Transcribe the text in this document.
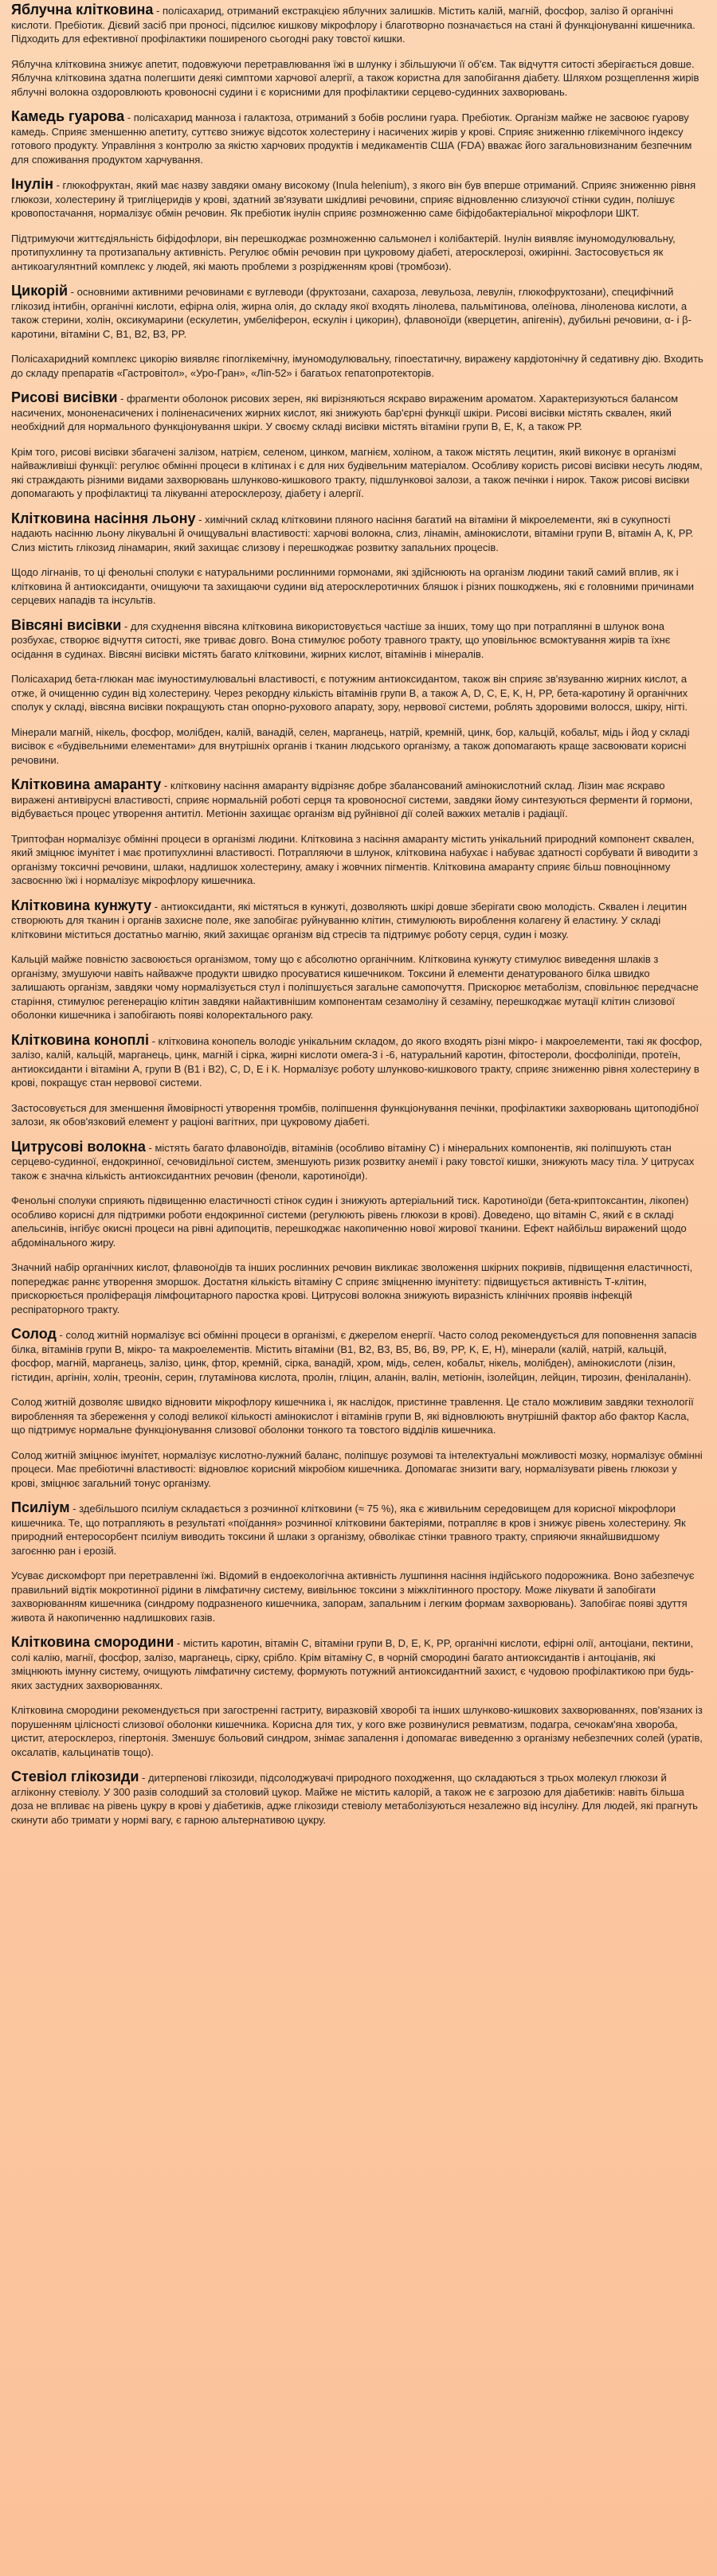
Яблучна клітковина - полісахарид, отриманий екстракцією яблучних залишків. Містить калій, магній, фосфор, залізо й органічні кислоти. Пребіотик. Дієвий засіб при проносі, підсилює кишкову мікрофлору і благотворно позначається на стані й функціонуванні кишечника. Підходить для ефективної профілактики поширеного сьогодні раку товстої кишки.

Яблучна клітковина знижує апетит, подовжуючи перетравлювання їжі в шлунку і збільшуючи її об'єм. Так відчуття ситості зберігається довше. Яблучна клітковина здатна полегшити деякі симптоми харчової алергії, а також користна для запобігання діабету. Шляхом розщеплення жирів яблучні волокна оздоровлюють кровоносні судини і є корисними для профілактики серцево-судинних захворювань.

Камедь гуарова - полісахарид манноза і галактоза, отриманий з бобів рослини гуара. Пребіотик. Організм майже не засвоює гуарову камедь. Сприяє зменшенню апетиту, суттєво знижує відсоток холестерину і насичених жирів у крові. Сприяє зниженню глікемічного індексу готового продукту. Управління з контролю за якістю харчових продуктів і медикаментів США (FDA) вважає його загальновизнаним безпечним для споживання продуктом харчування.

Інулін - глюкофруктан, який має назву завдяки оману високому (Inula helenium), з якого він був вперше отриманий. Сприяє зниженню рівня глюкози, холестерину й тригліцеридів у крові, здатний зв'язувати шкідливі речовини, сприяє відновленню слизуючої стінки судин, полішує кровопостачання, нормалізує обмін речовин. Як пребіотик інулін сприяє розмноженню саме біфідобактеріальної мікрофлори ШКТ.

Підтримуючи життєдіяльність біфідофлори, він перешкоджає розмноженню сальмонел і колібактерій. Інулін виявляє імуномодулювальну, протипухлинну та протизапальну активність. Регулює обмін речовин при цукровому діабеті, атеросклерозі, ожирінні. Застосовується як антикоагулянтний комплекс у людей, які мають проблеми з розрідженням крові (тромбози).

Цикорій - основними активними речовинами є вуглеводи (фруктозани, сахароза, левульоза, левулін, глюкофруктозани), специфічний глікозид інтибін, органічні кислоти, ефірна олія, жирна олія, до складу якої входять лінолева, пальмітинова, олеїнова, ліноленова кислоти, а також стерини, холін, оксикумарини (ескулетин, умбеліферон, ескулін і цикорин), флавоноїди (кверцетин, апігенін), дубильні речовини, α- і β-каротини, вітаміни С, В1, В2, В3, PP.

Полісахаридний комплекс цикорію виявляє гіпоглікемічну, імуномодулювальну, гіпоестатичну, виражену кардіотонічну й седативну дію. Входить до складу препаратів «Гастровітол», «Уро-Гран», «Ліп-52» і багатьох гепатопротекторів.

Рисові висівки - фрагменти оболонок рисових зерен, які вирізняються яскраво вираженим ароматом. Характеризуються балансом насичених, мононенасичених і поліненасичених жирних кислот, які знижують бар'єрні функції шкіри. Рисові висівки містять сквален, який необхідний для нормального функціонування шкіри. У своєму складі висівки містять вітаміни групи В, Е, К, а також РР.

Крім того, рисові висівки збагачені залізом, натрієм, селеном, цинком, магнієм, холіном, а також містять лецитин, який виконує в організмі найважливіші функції: регулює обмінні процеси в клітинах і є для них будівельним матеріалом. Особливу користь рисові висівки несуть людям, які страждають різними видами захворювань шлунково-кишкового тракту, підшлунковоі залози, а також печінки і нирок. Також рисові висівки допомагають у профілактиці та лікуванні атеросклерозу, діабету і алергії.

Клітковина насіння льону - химічний склад клітковини пляного насіння багатий на вітаміни й мікроелементи, які в сукупності надають насінню льону лікувальні й очищувальні властивості: харчові волокна, слиз, лінамін, амінокислоти, вітаміни групи В, вітамін А, К, РР. Слиз містить глікозид лінамарин, який захищає слизову і перешкоджає розвитку запальних процесів.

Щодо лігнанів, то ці фенольні сполуки є натуральними рослинними гормонами, які здійснюють на організм людини такий самий вплив, як і клітковина й антиоксиданти, очищуючи та захищаючи судини від атеросклеротичних бляшок і різних пошкоджень, які є головними причинами серцевих нападів та інсультів.

Вівсяні висівки - для схуднення вівсяна клітковина використовується частіше за інших, тому що при потраплянні в шлунок вона розбухає, створює відчуття ситості, яке триває довго. Вона стимулює роботу травного тракту, що уповільнює всмоктування жирів та їхнє осідання в судинах. Вівсяні висівки містять багато клітковини, жирних кислот, вітамінів і мінералів.

Полісахарид бета-глюкан має імуностимулювальні властивості, є потужним антиоксидантом, також він сприяє зв'язуванню жирних кислот, а отже, й очищенню судин від холестерину. Через рекордну кількість вітамінів групи В, а також А, D, C, E, K, H, PP, бета-каротину й органічних сполук у складі, вівсяна висівки покращують стан опорно-рухового апарату, зору, нервової системи, роблять здоровими волосся, шкіру, нігті.

Мінерали магній, нікель, фосфор, молібден, калій, ванадій, селен, марганець, натрій, кремній, цинк, бор, кальцій, кобальт, мідь і йод у складі висівок є «будівельними елементами» для внутрішніх органів і тканин людського організму, а також допомагають краще засвоювати корисні речовини.

Клітковина амаранту - клітковину насіння амаранту відрізняє добре збалансований амінокислотний склад. Лізин має яскраво виражені антивірусні властивості, сприяє нормальній роботі серця та кровоносної системи, завдяки йому синтезуються ферменти й гормони, відбувається процес утворення антитіл. Метіонін захищає організм від руйнівної дії солей важких металів і радіації.

Триптофан нормалізує обмінні процеси в організмі людини. Клітковина з насіння амаранту містить унікальний природний компонент сквален, який зміцнює імунітет і має протипухлинні властивості. Потрапляючи в шлунок, клітковина набухає і набуває здатності сорбувати й виводити з організму токсичні речовини, шлаки, надлишок холестерину, амаку і жовчних пігментів. Клітковина амаранту сприяє більш повноцінному засвоєнню їжі і нормалізує мікрофлору кишечника.

Клітковина кунжуту - антиоксиданти, які містяться в кунжуті, дозволяють шкірі довше зберігати свою молодість. Сквален і лецитин створюють для тканин і органів захисне поле, яке запобігає руйнуванню клітин, стимулюють вироблення колагену й еластину. У складі клітковини міститься достатньо магнію, який захищає організм від стресів та підтримує роботу серця, судин і мозку.

Кальцій майже повністю засвоюється організмом, тому що є абсолютно органічним. Клітковина кунжуту стимулює виведення шлаків з організму, змушуючи навіть найважче продукти швидко просуватися кишечником. Токсини й елементи денатурованого білка швидко залишають організм, завдяки чому нормалізується стул і поліпшується загальне самопочуття. Прискорює метаболізм, сповільнює передчасне старіння, стимулює регенерацію клітин завдяки найактивнішим компонентам сезамоліну й сезаміну, перешкоджає мутації клітин слизової оболонки кишечника і запобігають появі колоректального раку.

Клітковина коноплі - клітковина конопель володіє унікальним складом, до якого входять різні мікро- і макроелементи, такі як фосфор, залізо, калій, кальцій, марганець, цинк, магній і сірка, жирні кислоти омега-3 і -6, натуральний каротин, фітостероли, фосфоліпіди, протеїн, антиоксиданти і вітаміни А, групи В (В1 і В2), С, D, Е і К. Нормалізує роботу шлунково-кишкового тракту, сприяє зниженню рівня холестерину в крові, покращує стан нервової системи.

Застосовується для зменшення ймовірності утворення тромбів, поліпшення функціонування печінки, профілактики захворювань щитоподібної залози, як обов'язковий елемент у раціоні вагітних, при цукровому діабеті.

Цитрусові волокна - містять багато флавоноїдів, вітамінів (особливо вітаміну С) і мінеральних компонентів, які поліпшують стан серцево-судинної, ендокринної, сечовидільної систем, зменшують ризик розвитку анемії і раку товстої кишки, знижують масу тіла. У цитрусах також є значна кількість антиоксидантних речовин (феноли, каротиноїди).

Фенольні сполуки сприяють підвищенню еластичності стінок судин і знижують артеріальний тиск. Каротиноїди (бета-криптоксантин, лікопен) особливо корисні для підтримки роботи ендокринної системи (регулюють рівень глюкози в крові). Доведено, що вітамін С, який є в складі апельсинів, інгібує окисні процеси на рівні адипоцитів, перешкоджає накопиченню нової жирової тканини. Ефект найбільш виражений щодо абдомінального жиру.

Значний набір органічних кислот, флавоноїдів та інших рослинних речовин викликає зволоження шкірних покривів, підвищення еластичності, попереджає раннє утворення зморшок. Достатня кількість вітаміну С сприяє зміцненню імунітету: підвищується активність Т-клітин, прискорюється проліферація лімфоцитарного паростка крові. Цитрусові волокна знижують виразність клінічних проявів інфекцій респіраторного тракту.

Солод - солод житній нормалізує всі обмінні процеси в організмі, є джерелом енергії. Часто солод рекомендується для поповнення запасів білка, вітамінів групи В, мікро- та макроелементів. Містить вітаміни (В1, В2, В3, В5, В6, В9, PP, K, E, H), мінерали (калій, натрій, кальцій, фосфор, магній, марганець, залізо, цинк, фтор, кремній, сірка, ванадій, хром, мідь, селен, кобальт, нікель, молібден), амінокислоти (лізин, гістидин, аргінін, холін, треонін, серин, глутамінова кислота, пролін, гліцин, аланін, валін, метіонін, ізолейцин, лейцин, тирозин, фенілаланін).

Солод житній дозволяє швидко відновити мікрофлору кишечника і, як наслідок, пристинне травлення. Це стало можливим завдяки технології виробленняя та збереження у солоді великої кількості амінокислот і вітамінів групи В, які відновлюють внутрішній фактор або фактор Касла, що підтримує нормальне функціонування слизової оболонки тонкого та товстого відділів кишечника.

Солод житній зміцнює імунітет, нормалізує кислотно-лужний баланс, поліпшує розумові та інтелектуальні можливості мозку, нормалізує обмінні процеси. Має пребіотичні властивості: відновлює корисний мікробіом кишечника. Допомагає знизити вагу, нормалізувати рівень глюкози у крові, зміцнює загальний тонус організму.

Псиліум - здебільшого псиліум складається з розчинної клітковини (≈ 75 %), яка є живильним середовищем для корисної мікрофлори кишечника. Те, що потрапляють в результаті «поїдання» розчинної клітковини бактеріями, потрапляє в кров і знижує рівень холестерину. Як природний ентеросорбент псиліум виводить токсини й шлаки з організму, обволікає стінки травного тракту, сприяючи якнайшвидшому загоєнню ран і ерозій.

Усуває дискомфорт при перетравленні їжі. Відомий в ендоекологічна активність лушпиння насіння індійського подорожника. Воно забезпечує правильний відтік мокротинної рідини в лімфатичну систему, вивільнює токсини з міжклітинного простору. Може лікувати й запобігати захворюванням кишечника (синдрому подразненого кишечника, запорам, запальним і легким формам захворювань). Запобігає появі здуття живота й накопиченню надлишкових газів.

Клітковина смородини - містить каротин, вітамін С, вітаміни групи В, D, E, K, PP, органічні кислоти, ефірні олії, антоціани, пектини, солі калію, магнії, фосфор, залізо, марганець, сірку, срібло. Крім вітаміну С, в чорній смородині багато антиоксидантів і антоціанів, які зміцнюють імунну систему, очищують лімфатичну систему, формують потужний антиоксидантний захист, є чудовою профілактикою при будь-яких застудних захворюваннях.

Клітковина смородини рекомендується при загостренні гастриту, виразковій хворобі та інших шлунково-кишкових захворюваннях, пов'язаних із порушенням цілісності слизової оболонки кишечника. Корисна для тих, у кого вже розвинулися ревматизм, подагра, сечокам'яна хвороба, цистит, атеросклероз, гіпертонія. Зменшує больовий синдром, знімає запалення і допомагає виведенню з організму небезпечних солей (уратів, оксалатів, кальцинатів тощо).

Стевіол глікозиди - дитерпенові глікозиди, підсолоджувачі природного походження, що складаються з трьох молекул глюкози й агліконну стевіолу. У 300 разів солодший за столовий цукор. Майже не містить калорій, а також не є загрозою для діабетиків: навіть більша доза не впливає на рівень цукру в крові у діабетиків, адже глікозиди стевіолу метаболізуються незалежно від інсуліну. Для людей, які прагнуть скинути або тримати у нормі вагу, є гарною альтернативою цукру.
